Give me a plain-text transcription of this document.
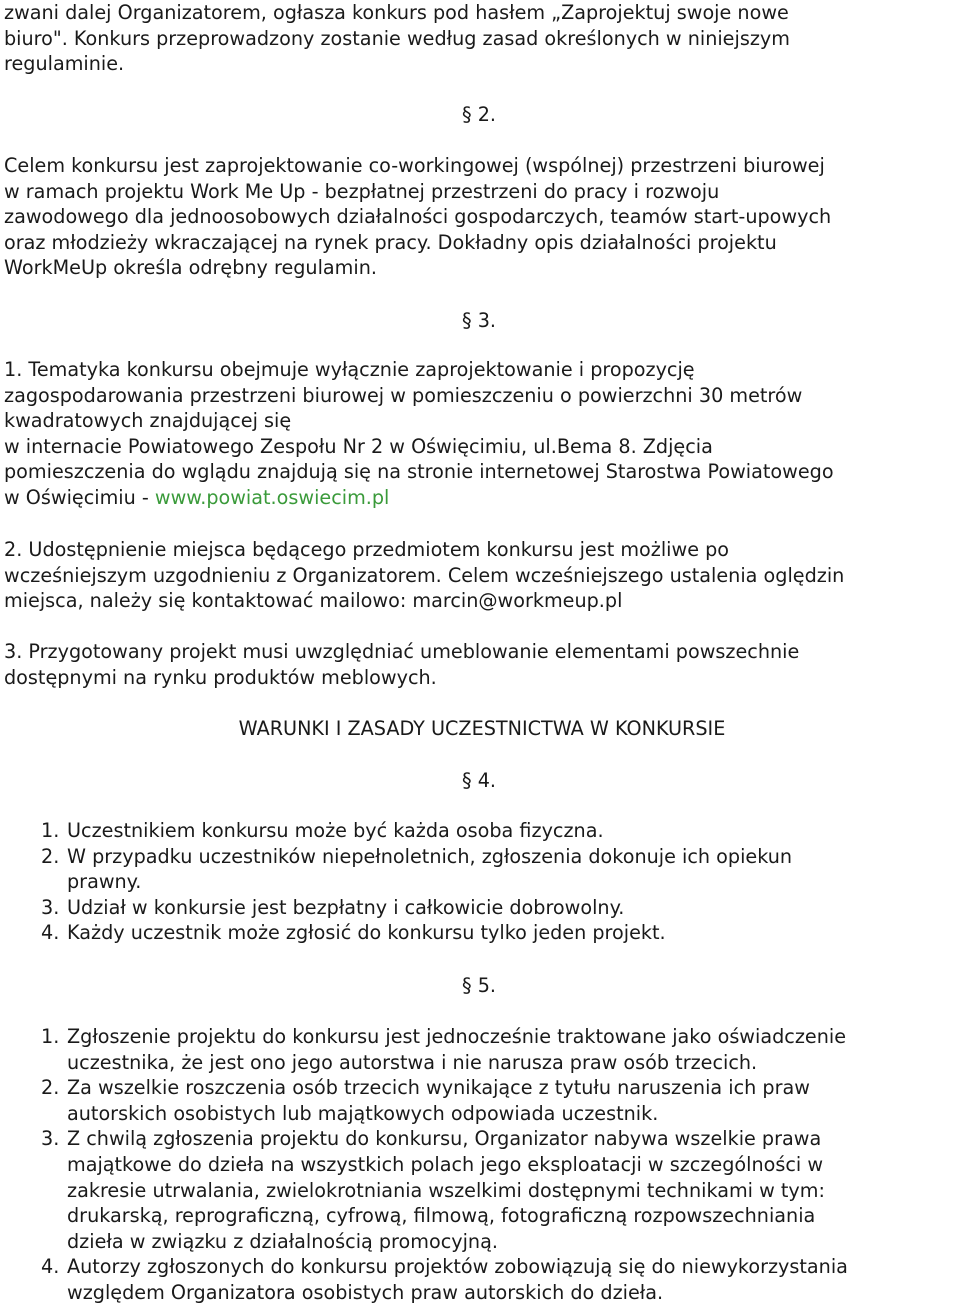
zwani dalej Organizatorem, ogłasza konkurs pod hasłem „Zaprojektuj swoje nowe

biuro". Konkurs przeprowadzony zostanie według zasad określonych w niniejszym

regulaminie.

§ 2.

Celem konkursu jest zaprojektowanie co-workingowej (wspólnej) przestrzeni biurowej

w ramach projektu Work Me Up - bezpłatnej przestrzeni do pracy i rozwoju

zawodowego dla jednoosobowych działalności gospodarczych, teamów start-upowych

oraz młodzieży wkraczającej na rynek pracy. Dokładny opis działalności projektu

WorkMeUp określa odrębny regulamin.

§ 3.

1. Tematyka konkursu obejmuje wyłącznie zaprojektowanie i propozycję

zagospodarowania przestrzeni biurowej w pomieszczeniu o powierzchni 30 metrów

kwadratowych znajdującej się

w internacie Powiatowego Zespołu Nr 2 w Oświęcimiu, ul.Bema 8. Zdjęcia

pomieszczenia do wglądu znajdują się na stronie internetowej Starostwa Powiatowego

w Oświęcimiu - www.powiat.oswiecim.pl

2. Udostępnienie miejsca będącego przedmiotem konkursu jest możliwe po

wcześniejszym uzgodnieniu z Organizatorem. Celem wcześniejszego ustalenia oględzin

miejsca, należy się kontaktować mailowo: marcin@workmeup.pl

3. Przygotowany projekt musi uwzględniać umeblowanie elementami powszechnie

dostępnymi na rynku produktów meblowych.

WARUNKI I ZASADY UCZESTNICTWA W KONKURSIE
§ 4.
1. Uczestnikiem konkursu może być każda osoba fizyczna.
2. W przypadku uczestników niepełnoletnich, zgłoszenia dokonuje ich opiekun
prawny.
3. Udział w konkursie jest bezpłatny i całkowicie dobrowolny.
4. Każdy uczestnik może zgłosić do konkursu tylko jeden projekt.
§ 5.
1. Zgłoszenie projektu do konkursu jest jednocześnie traktowane jako oświadczenie
uczestnika, że jest ono jego autorstwa i nie narusza praw osób trzecich.
2. Za wszelkie roszczenia osób trzecich wynikające z tytułu naruszenia ich praw
autorskich osobistych lub majątkowych odpowiada uczestnik.
3. Z chwilą zgłoszenia projektu do konkursu, Organizator nabywa wszelkie prawa
majątkowe do dzieła na wszystkich polach jego eksploatacji w szczególności w
zakresie utrwalania, zwielokrotniania wszelkimi dostępnymi technikami w tym:
drukarską, reprograficzną, cyfrową, filmową, fotograficzną rozpowszechniania
dzieła w związku z działalnością promocyjną.
4. Autorzy zgłoszonych do konkursu projektów zobowiązują się do niewykorzystania
względem Organizatora osobistych praw autorskich do dzieła.
